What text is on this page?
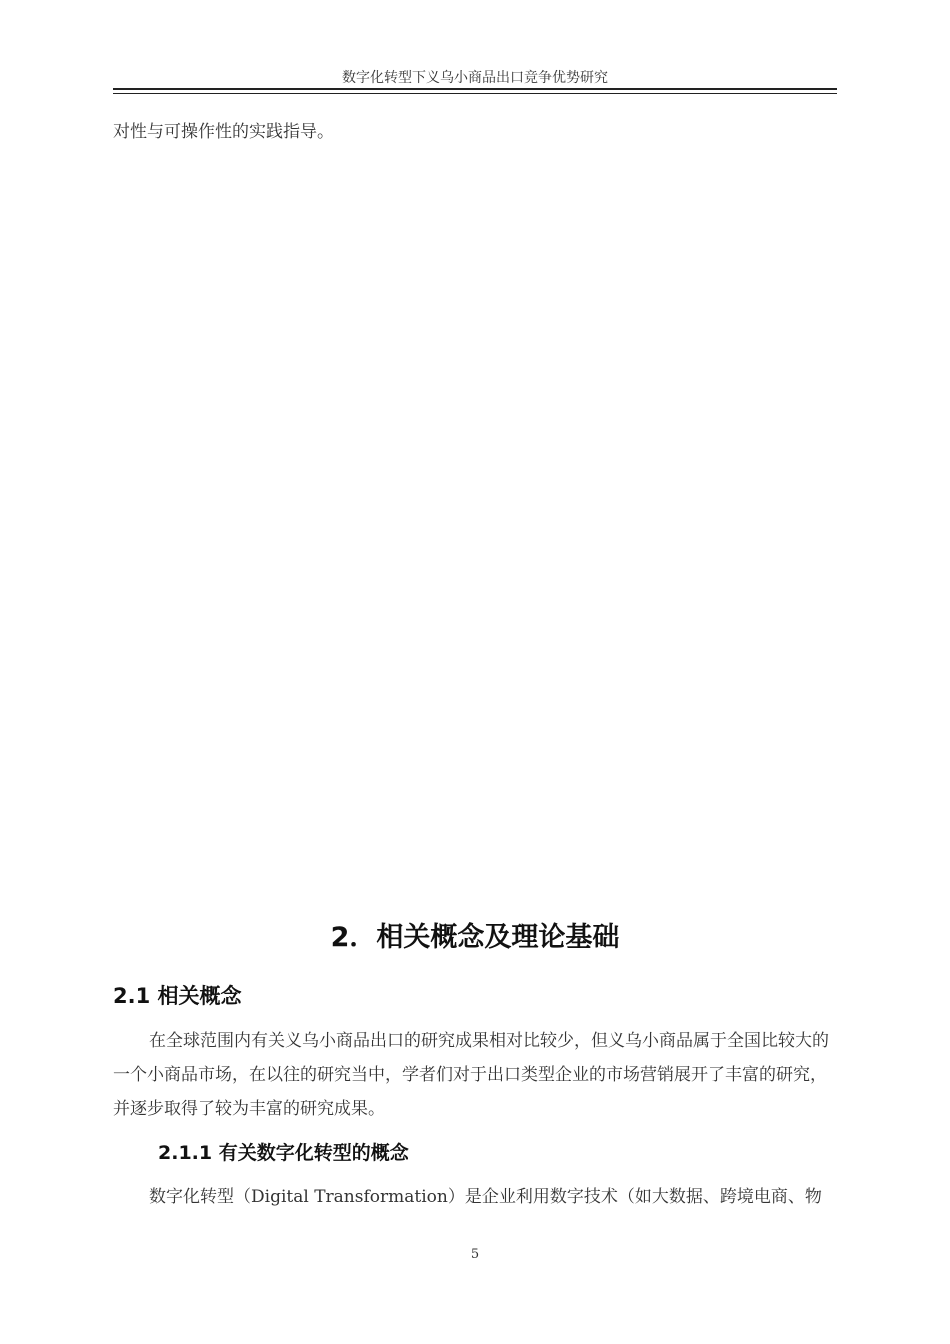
数字化转型下义乌小商品出口竞争优势研究

对性与可操作性的实践指导。

2．相关概念及理论基础
2.1 相关概念

在全球范围内有关义乌小商品出口的研究成果相对比较少，但义乌小商品属于全国比较大的一个小商品市场，在以往的研究当中，学者们对于出口类型企业的市场营销展开了丰富的研究，并逐步取得了较为丰富的研究成果。

2.1.1 有关数字化转型的概念

数字化转型（Digital Transformation）是企业利用数字技术（如大数据、跨境电商、物

5
